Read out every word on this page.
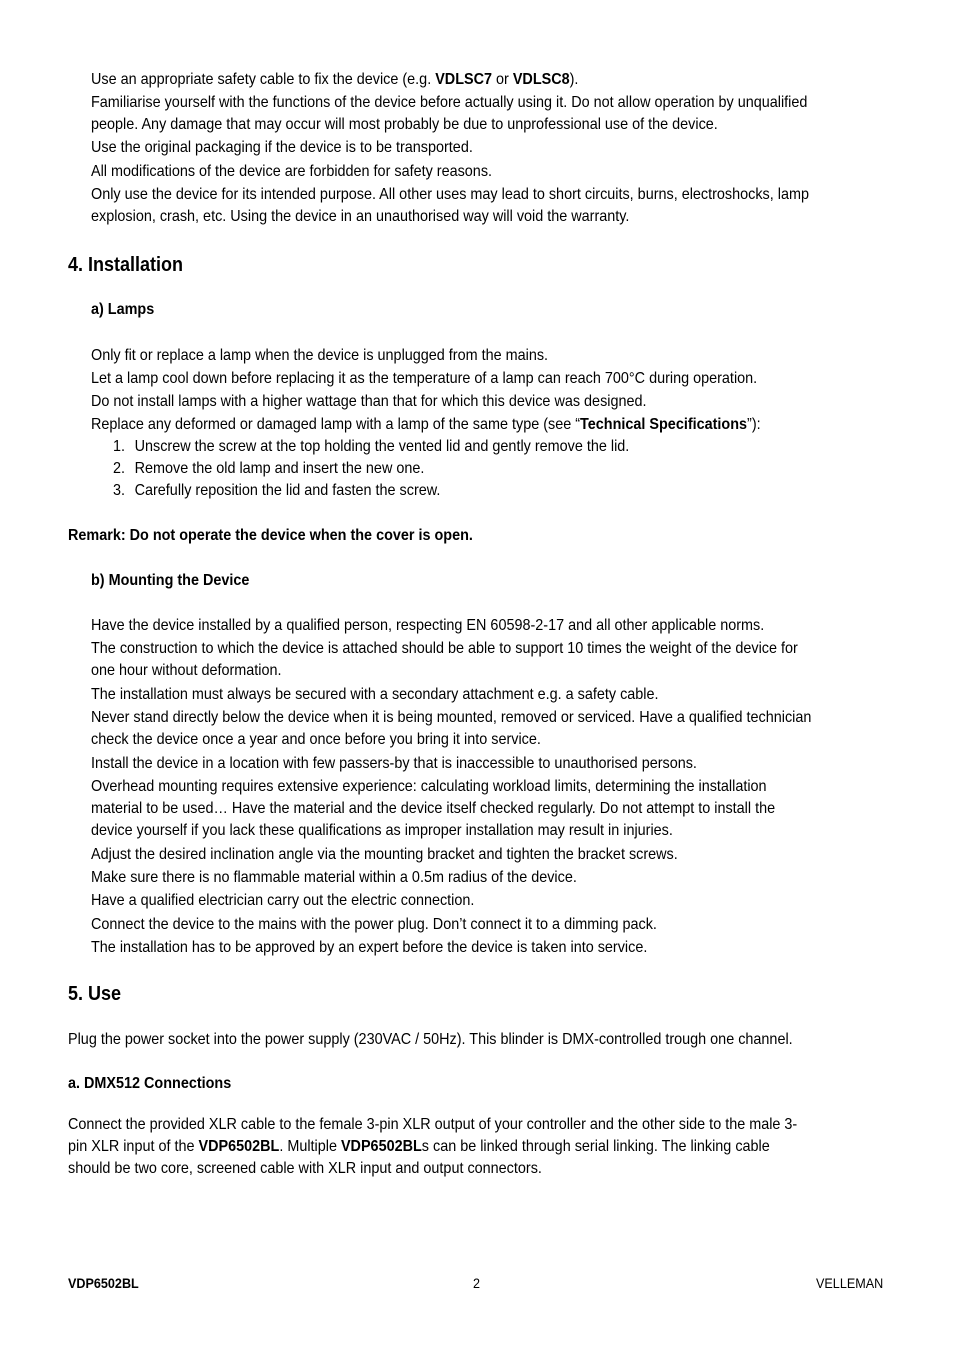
Use an appropriate safety cable to fix the device (e.g. VDLSC7 or VDLSC8).
Familiarise yourself with the functions of the device before actually using it. Do not allow operation by unqualified
people. Any damage that may occur will most probably be due to unprofessional use of the device.
Use the original packaging if the device is to be transported.
All modifications of the device are forbidden for safety reasons.
Only use the device for its intended purpose. All other uses may lead to short circuits, burns, electroshocks, lamp
explosion, crash, etc. Using the device in an unauthorised way will void the warranty.
4. Installation
a) Lamps
Only fit or replace a lamp when the device is unplugged from the mains.
Let a lamp cool down before replacing it as the temperature of a lamp can reach 700°C during operation.
Do not install lamps with a higher wattage than that for which this device was designed.
Replace any deformed or damaged lamp with a lamp of the same type (see “Technical Specifications”):
1. Unscrew the screw at the top holding the vented lid and gently remove the lid.
2. Remove the old lamp and insert the new one.
3. Carefully reposition the lid and fasten the screw.
Remark: Do not operate the device when the cover is open.
b) Mounting the Device
Have the device installed by a qualified person, respecting EN 60598-2-17 and all other applicable norms.
The construction to which the device is attached should be able to support 10 times the weight of the device for
one hour without deformation.
The installation must always be secured with a secondary attachment e.g. a safety cable.
Never stand directly below the device when it is being mounted, removed or serviced. Have a qualified technician
check the device once a year and once before you bring it into service.
Install the device in a location with few passers-by that is inaccessible to unauthorised persons.
Overhead mounting requires extensive experience: calculating workload limits, determining the installation
material to be used… Have the material and the device itself checked regularly. Do not attempt to install the
device yourself if you lack these qualifications as improper installation may result in injuries.
Adjust the desired inclination angle via the mounting bracket and tighten the bracket screws.
Make sure there is no flammable material within a 0.5m radius of the device.
Have a qualified electrician carry out the electric connection.
Connect the device to the mains with the power plug. Don’t connect it to a dimming pack.
The installation has to be approved by an expert before the device is taken into service.
5. Use
Plug the power socket into the power supply (230VAC / 50Hz). This blinder is DMX-controlled trough one channel.
a. DMX512 Connections
Connect the provided XLR cable to the female 3-pin XLR output of your controller and the other side to the male 3-
pin XLR input of the VDP6502BL. Multiple VDP6502BLs can be linked through serial linking. The linking cable
should be two core, screened cable with XLR input and output connectors.
VDP6502BL	2	VELLEMAN
